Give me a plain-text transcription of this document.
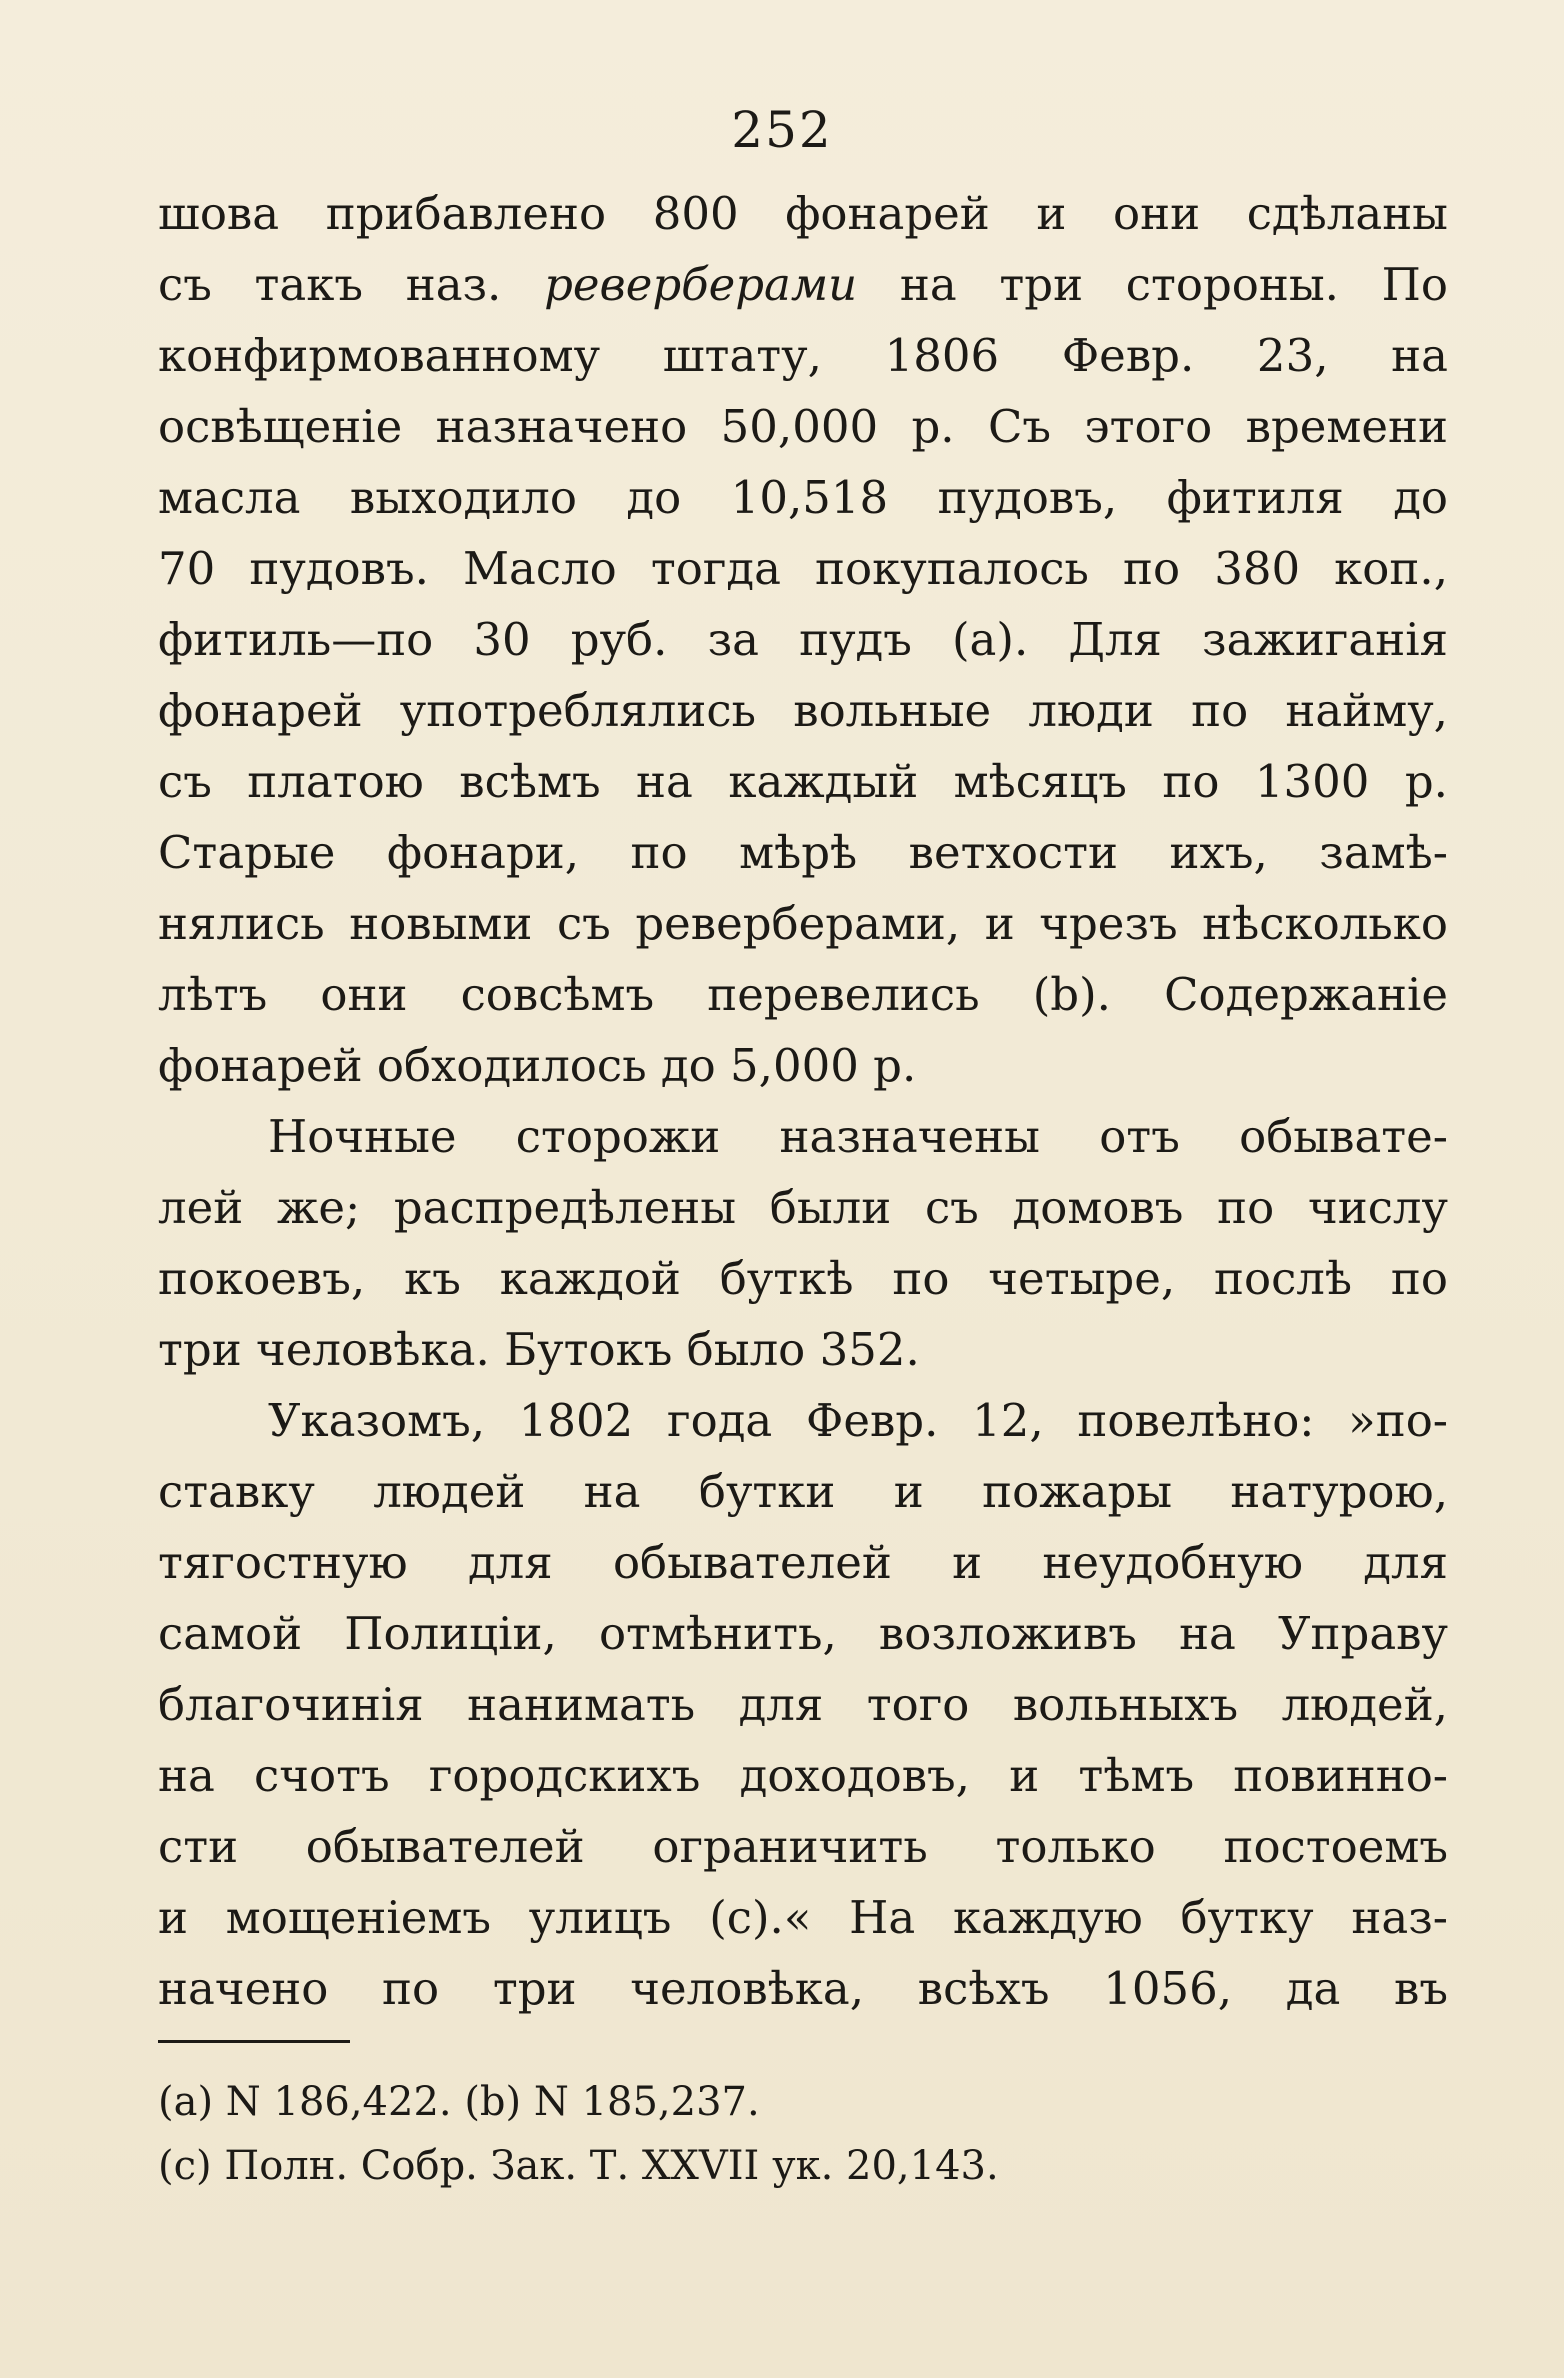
252
шова прибавлено 800 фонарей и они сдѣланы
съ такъ наз. реверберами на три стороны. По
конфирмованному штату, 1806 Февр. 23, на
освѣщеніе назначено 50,000 р. Съ этого времени
масла выходило до 10,518 пудовъ, фитиля до
70 пудовъ. Масло тогда покупалось по 380 коп.,
фитиль—по 30 руб. за пудъ (a). Для зажиганія
фонарей употреблялись вольные люди по найму,
съ платою всѣмъ на каждый мѣсяцъ по 1300 р.
Старые фонари, по мѣрѣ ветхости ихъ, замѣ-
нялись новыми съ реверберами, и чрезъ нѣсколько
лѣтъ они совсѣмъ перевелись (b). Содержаніе
фонарей обходилось до 5,000 р.
Ночные сторожи назначены отъ обывате-
лей же; распредѣлены были съ домовъ по числу
покоевъ, къ каждой буткѣ по четыре, послѣ по
три человѣка. Бутокъ было 352.
Указомъ, 1802 года Февр. 12, повелѣно: »по-
ставку людей на бутки и пожары натурою,
тягостную для обывателей и неудобную для
самой Полиціи, отмѣнить, возложивъ на Управу
благочинія нанимать для того вольныхъ людей,
на счотъ городскихъ доходовъ, и тѣмъ повинно-
сти обывателей ограничить только постоемъ
и мощеніемъ улицъ (c).« На каждую бутку наз-
начено по три человѣка, всѣхъ 1056, да въ
(a) N 186,422. (b) N 185,237.
(c) Полн. Собр. Зак. Т. XXVII ук. 20,143.
